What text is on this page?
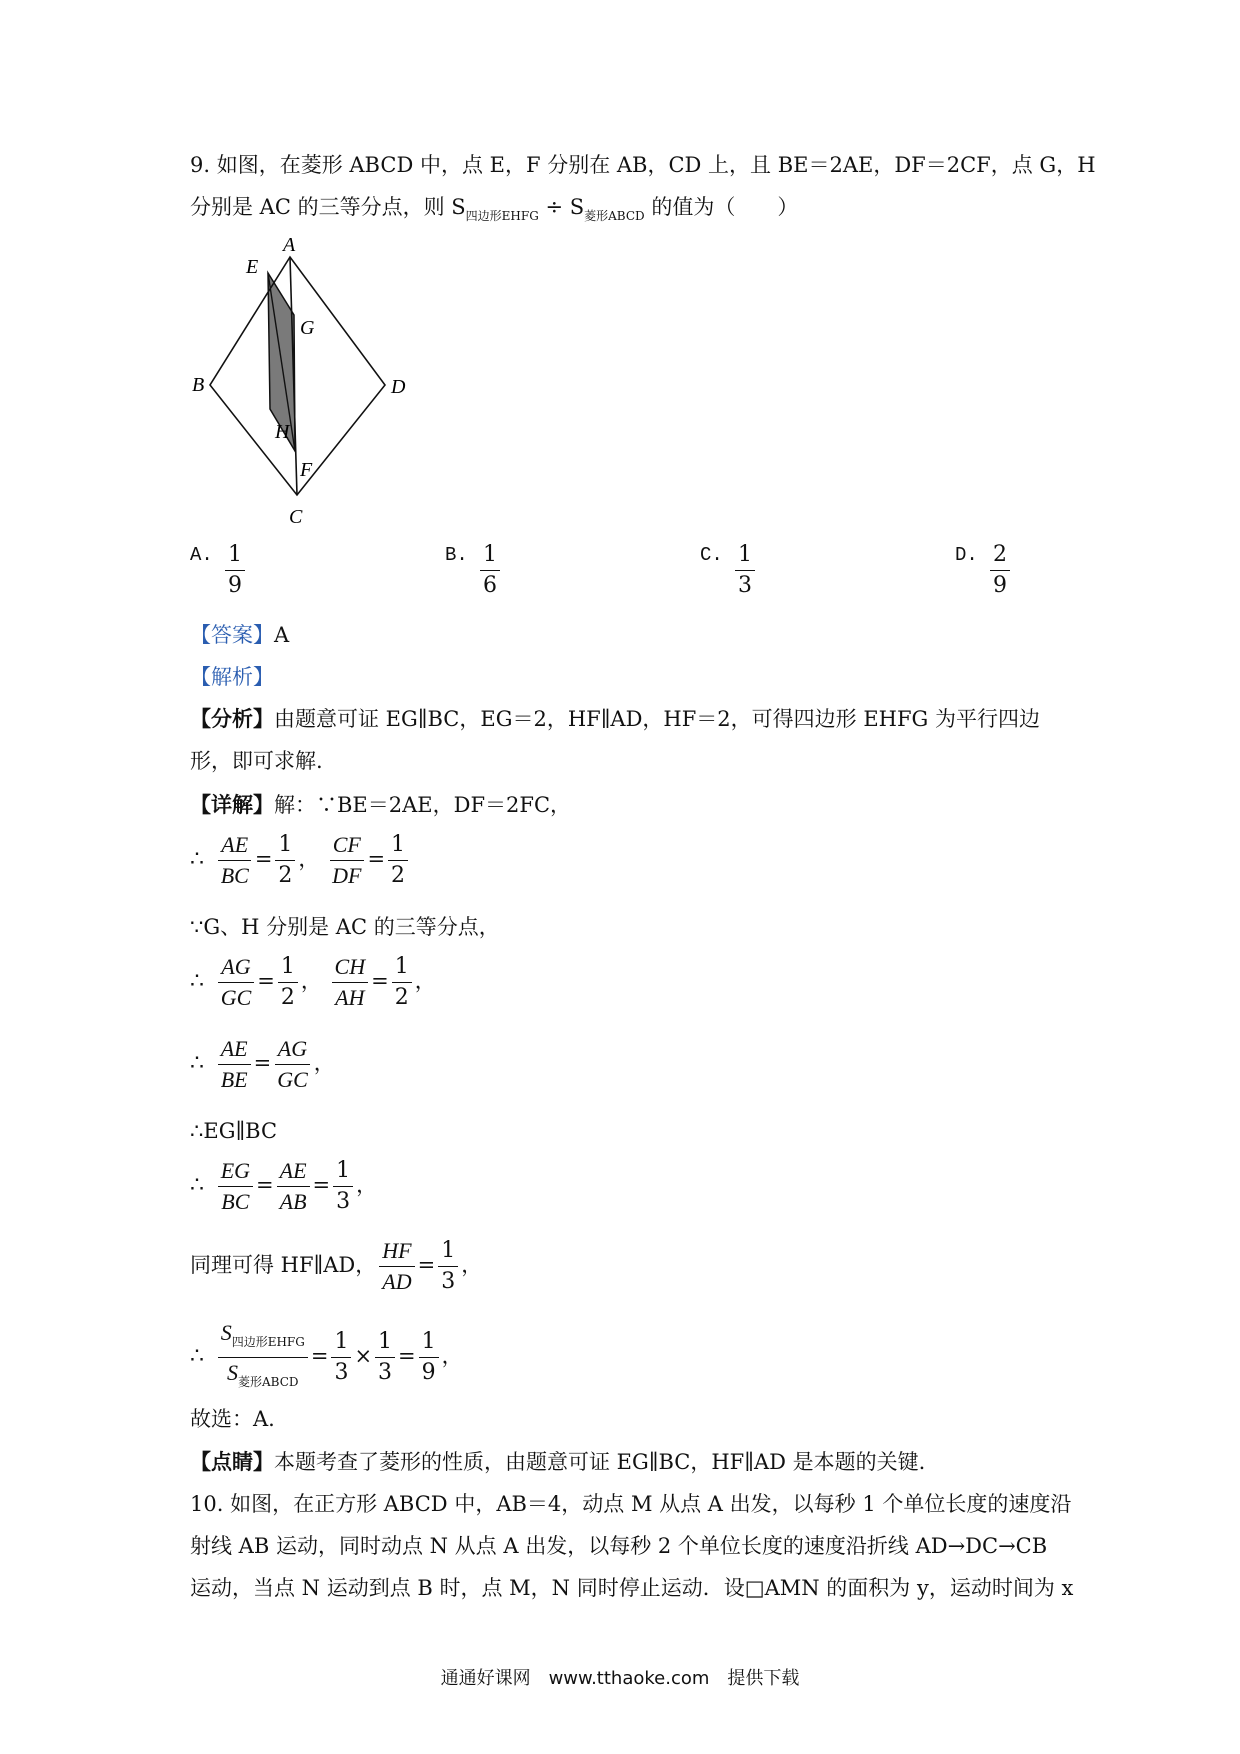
9. 如图，在菱形 ABCD 中，点 E，F 分别在 AB，CD 上，且 BE＝2AE，DF＝2CF，点 G，H
分别是 AC 的三等分点，则 $S_{四边形EHFG} \div S_{菱形ABCD}$ 的值为（　　）
A
E
G
B	D
H
F
C
A. $\frac{1}{9}$	B. $\frac{1}{6}$	C. $\frac{1}{3}$	D. $\frac{2}{9}$
【答案】A
【解析】
【分析】由题意可证 EG∥BC，EG＝2，HF∥AD，HF＝2，可得四边形 EHFG 为平行四边
形，即可求解.
【详解】解：∵BE＝2AE，DF＝2FC，
∴ $\frac{AE}{BC} = \frac{1}{2}$ ， $\frac{CF}{DF} = \frac{1}{2}$
∵G、H 分别是 AC 的三等分点，
∴ $\frac{AG}{GC} = \frac{1}{2}$ ， $\frac{CH}{AH} = \frac{1}{2}$ ，
∴ $\frac{AE}{BE} = \frac{AG}{GC}$ ，
∴EG∥BC
∴ $\frac{EG}{BC} = \frac{AE}{AB} = \frac{1}{3}$ ，
同理可得 HF∥AD， $\frac{HF}{AD} = \frac{1}{3}$ ，
∴ $\frac{S_{四边形EHFG}}{S_{菱形ABCD}} = \frac{1}{3} \times \frac{1}{3} = \frac{1}{9}$ ，
故选：A.
【点睛】本题考查了菱形的性质，由题意可证 EG∥BC，HF∥AD 是本题的关键.
10. 如图，在正方形 ABCD 中，AB＝4，动点 M 从点 A 出发，以每秒 1 个单位长度的速度沿
射线 AB 运动，同时动点 N 从点 A 出发，以每秒 2 个单位长度的速度沿折线 AD→DC→CB
运动，当点 N 运动到点 B 时，点 M，N 同时停止运动．设□AMN 的面积为 y，运动时间为 x
通通好课网　www.tthaoke.com　提供下载
